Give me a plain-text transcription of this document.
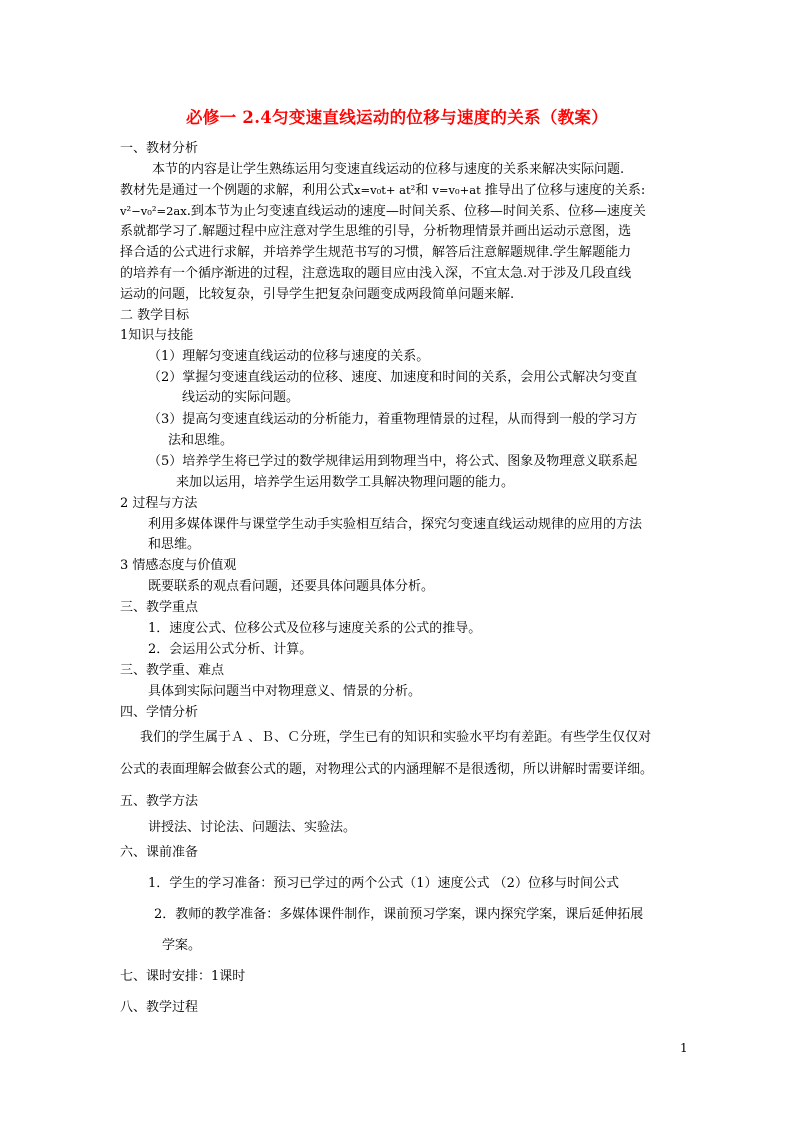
必修一 2.4匀变速直线运动的位移与速度的关系（教案）
一、教材分析
本节的内容是让学生熟练运用匀变速直线运动的位移与速度的关系来解决实际问题.
教材先是通过一个例题的求解，利用公式x=v₀t+ at²和 v=v₀+at 推导出了位移与速度的关系:
v²−v₀²=2ax.到本节为止匀变速直线运动的速度—时间关系、位移—时间关系、位移—速度关
系就都学习了.解题过程中应注意对学生思维的引导，分析物理情景并画出运动示意图，选
择合适的公式进行求解，并培养学生规范书写的习惯，解答后注意解题规律.学生解题能力
的培养有一个循序渐进的过程，注意选取的题目应由浅入深，不宜太急.对于涉及几段直线
运动的问题，比较复杂，引导学生把复杂问题变成两段简单问题来解.
二 教学目标
1知识与技能
（1）理解匀变速直线运动的位移与速度的关系。
（2）掌握匀变速直线运动的位移、速度、加速度和时间的关系，会用公式解决匀变直
线运动的实际问题。
（3）提高匀变速直线运动的分析能力，着重物理情景的过程，从而得到一般的学习方
法和思维。
（5）培养学生将已学过的数学规律运用到物理当中，将公式、图象及物理意义联系起
来加以运用，培养学生运用数学工具解决物理问题的能力。
2 过程与方法
利用多媒体课件与课堂学生动手实验相互结合，探究匀变速直线运动规律的应用的方法
和思维。
3 情感态度与价值观
既要联系的观点看问题，还要具体问题具体分析。
三、教学重点
1．速度公式、位移公式及位移与速度关系的公式的推导。
2．会运用公式分析、计算。
三、教学重、难点
具体到实际问题当中对物理意义、情景的分析。
四、学情分析
我们的学生属于Ａ 、Ｂ、Ｃ分班，学生已有的知识和实验水平均有差距。有些学生仅仅对
公式的表面理解会做套公式的题，对物理公式的内涵理解不是很透彻，所以讲解时需要详细。
五、教学方法
讲授法、讨论法、问题法、实验法。
六、课前准备
1．学生的学习准备：预习已学过的两个公式（1）速度公式 （2）位移与时间公式
2．教师的教学准备：多媒体课件制作，课前预习学案，课内探究学案，课后延伸拓展
学案。
七、课时安排：1课时
八、教学过程
1
